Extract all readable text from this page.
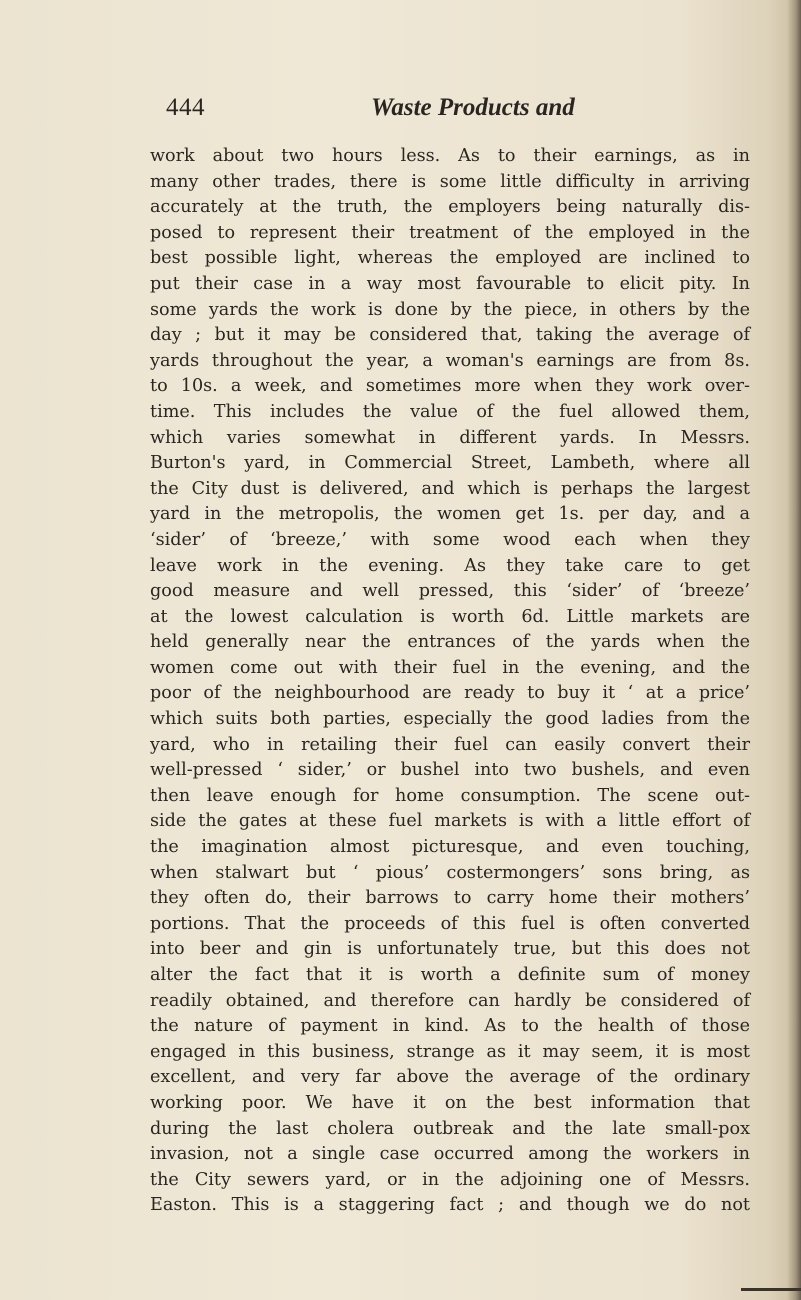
444	Waste Products and
work about two hours less. As to their earnings, as in
many other trades, there is some little difficulty in arriving
accurately at the truth, the employers being naturally dis-
posed to represent their treatment of the employed in the
best possible light, whereas the employed are inclined to
put their case in a way most favourable to elicit pity. In
some yards the work is done by the piece, in others by the
day ; but it may be considered that, taking the average of
yards throughout the year, a woman's earnings are from 8s.
to 10s. a week, and sometimes more when they work over-
time. This includes the value of the fuel allowed them,
which varies somewhat in different yards. In Messrs.
Burton's yard, in Commercial Street, Lambeth, where all
the City dust is delivered, and which is perhaps the largest
yard in the metropolis, the women get 1s. per day, and a
‘sider’ of ‘breeze,’ with some wood each when they
leave work in the evening. As they take care to get
good measure and well pressed, this ‘sider’ of ‘breeze’
at the lowest calculation is worth 6d. Little markets are
held generally near the entrances of the yards when the
women come out with their fuel in the evening, and the
poor of the neighbourhood are ready to buy it ‘ at a price’
which suits both parties, especially the good ladies from the
yard, who in retailing their fuel can easily convert their
well-pressed ‘ sider,’ or bushel into two bushels, and even
then leave enough for home consumption. The scene out-
side the gates at these fuel markets is with a little effort of
the imagination almost picturesque, and even touching,
when stalwart but ‘ pious’ costermongers’ sons bring, as
they often do, their barrows to carry home their mothers’
portions. That the proceeds of this fuel is often converted
into beer and gin is unfortunately true, but this does not
alter the fact that it is worth a definite sum of money
readily obtained, and therefore can hardly be considered of
the nature of payment in kind. As to the health of those
engaged in this business, strange as it may seem, it is most
excellent, and very far above the average of the ordinary
working poor. We have it on the best information that
during the last cholera outbreak and the late small-pox
invasion, not a single case occurred among the workers in
the City sewers yard, or in the adjoining one of Messrs.
Easton. This is a staggering fact ; and though we do not
